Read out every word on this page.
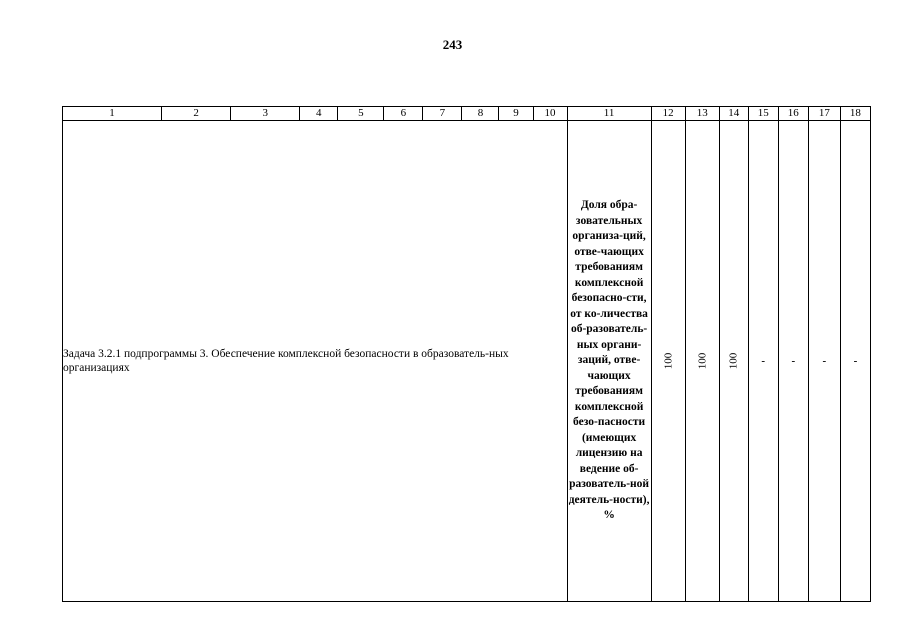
243
1	2	3	4	5	6	7	8	9	10	11	12	13	14	15	16	17	18
Задача 3.2.1 подпрограммы 3. Обеспечение комплексной безопасности в образователь-ных организациях										Доля обра-зовательных организа-ций, отве-чающих требованиям комплексной безопасно-сти, от ко-личества об-разователь-ных органи-заций, отве-чающих требованиям комплексной безо-пасности (имеющих лицензию на ведение об-разователь-ной деятель-ности), %	100	100	100	-	-	-	-
